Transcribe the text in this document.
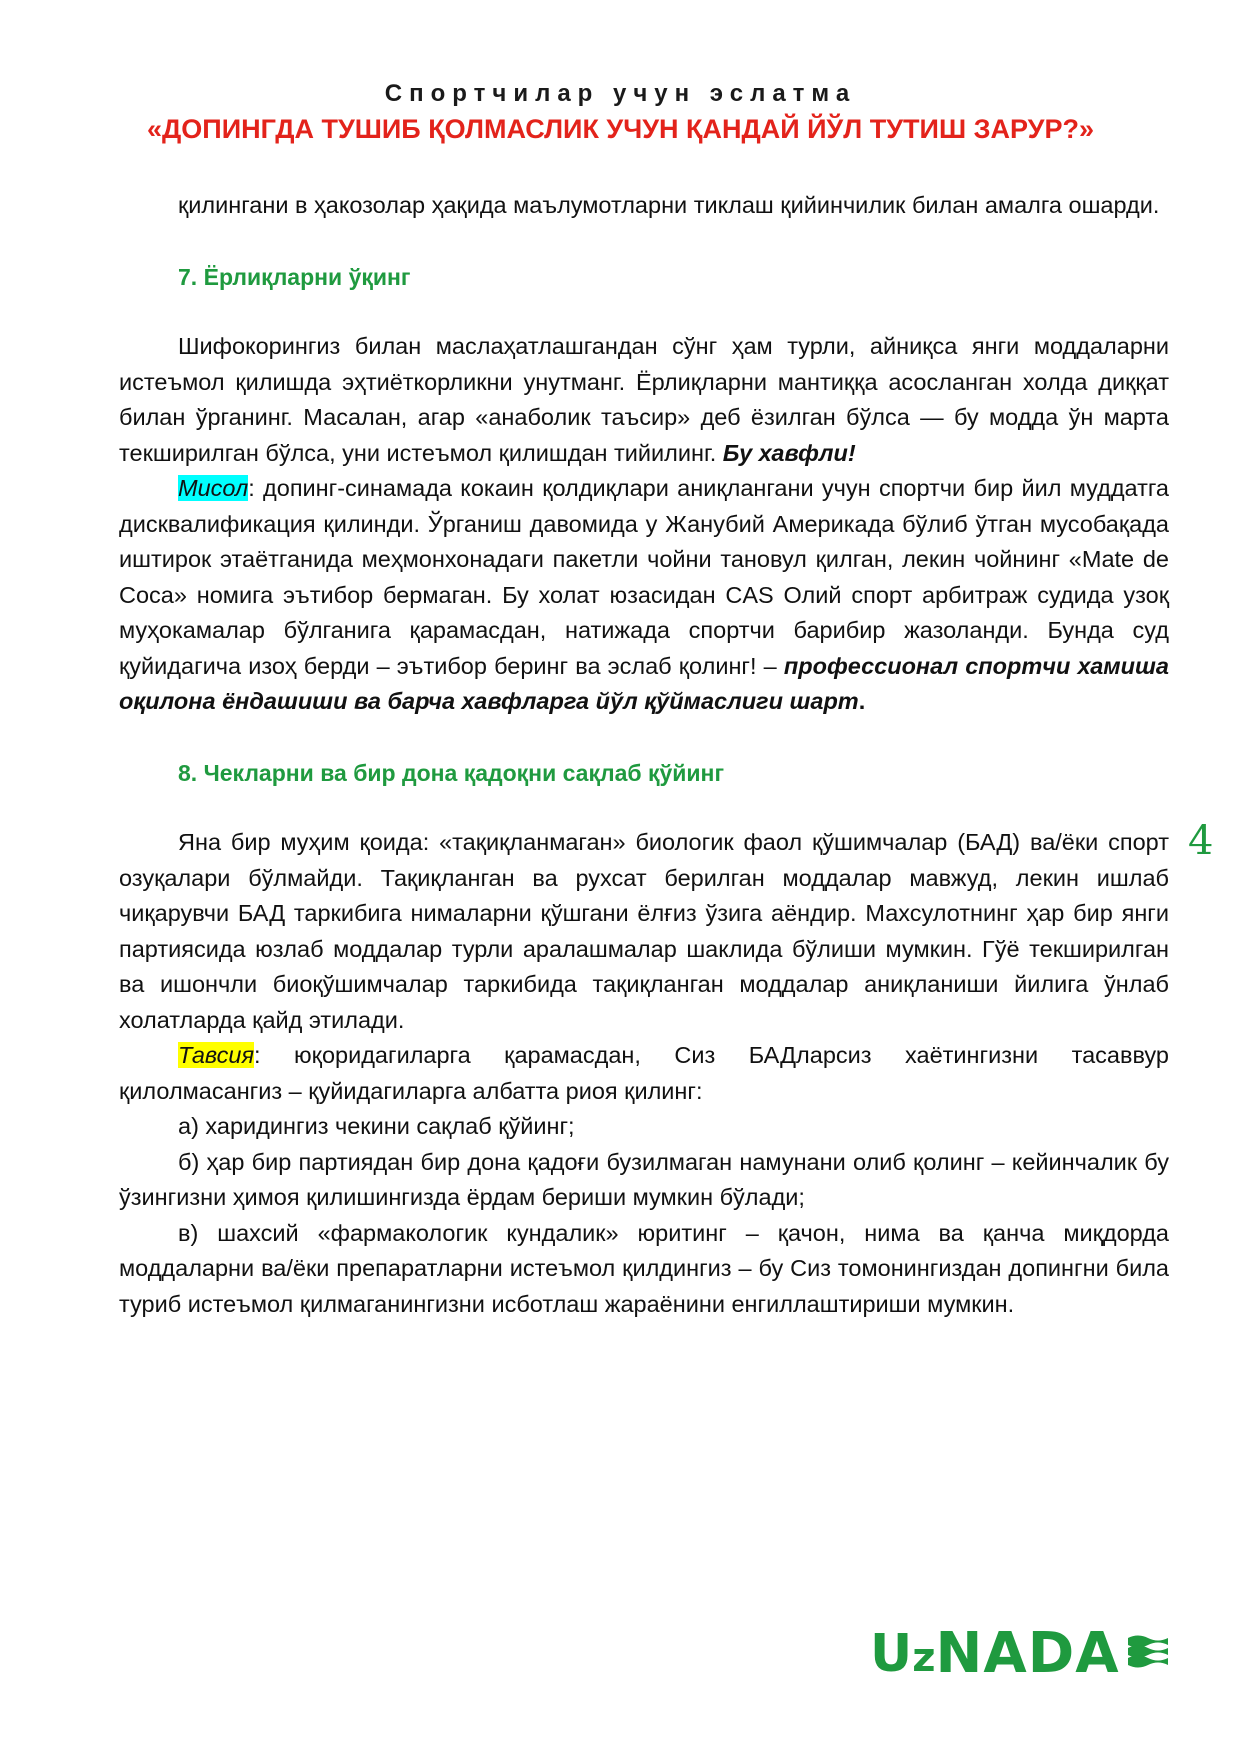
Спортчилар учун эслатма
«ДОПИНГДА ТУШИБ ҚОЛМАСЛИК УЧУН ҚАНДАЙ ЙЎЛ ТУТИШ ЗАРУР?»

қилингани в ҳакозолар ҳақида маълумотларни тиклаш қийинчилик билан амалга ошарди.

7. Ёрлиқларни ўқинг

Шифокорингиз билан маслаҳатлашгандан сўнг ҳам турли, айниқса янги моддаларни истеъмол қилишда эҳтиёткорликни унутманг. Ёрлиқларни мантиққа асосланган холда диққат билан ўрганинг. Масалан, агар «анаболик таъсир» деб ёзилган бўлса — бу модда ўн марта текширилган бўлса, уни истеъмол қилишдан тийилинг. Бу хавфли!

Мисол: допинг-синамада кокаин қолдиқлари аниқлангани учун спортчи бир йил муддатга дисквалификация қилинди. Ўрганиш давомида у Жанубий Америкада бўлиб ўтган мусобақада иштирок этаётганида меҳмонхонадаги пакетли чойни тановул қилган, лекин чойнинг «Mate de Coca» номига эътибор бермаган. Бу холат юзасидан CAS Олий спорт арбитраж судида узоқ муҳокамалар бўлганига қарамасдан, натижада спортчи барибир жазоланди. Бунда суд қуйидагича изоҳ берди – эътибор беринг ва эслаб қолинг! – профессионал спортчи хамиша оқилона ёндашиши ва барча хавфларга йўл қўймаслиги шарт.

8. Чекларни ва бир дона қадоқни сақлаб қўйинг

Яна бир муҳим қоида: «тақиқланмаган» биологик фаол қўшимчалар (БАД) ва/ёки спорт озуқалари бўлмайди. Тақиқланган ва рухсат берилган моддалар мавжуд, лекин ишлаб чиқарувчи БАД таркибига нималарни қўшгани ёлғиз ўзига аёндир. Махсулотнинг ҳар бир янги партиясида юзлаб моддалар турли аралашмалар шаклида бўлиши мумкин. Гўё текширилган ва ишончли биоқўшимчалар таркибида тақиқланган моддалар аниқланиши йилига ўнлаб холатларда қайд этилади.

Тавсия: юқоридагиларга қарамасдан, Сиз БАДларсиз хаётингизни тасаввур қилолмасангиз – қуйидагиларга албатта риоя қилинг:

а) харидингиз чекини сақлаб қўйинг;

б) ҳар бир партиядан бир дона қадоғи бузилмаган намунани олиб қолинг – кейинчалик бу ўзингизни ҳимоя қилишингизда ёрдам бериши мумкин бўлади;

в) шахсий «фармакологик кундалик» юритинг – қачон, нима ва қанча миқдорда моддаларни ва/ёки препаратларни истеъмол қилдингиз – бу Сиз томонингиздан допингни била туриб истеъмол қилмаганингизни исботлаш жараёнини енгиллаштириши мумкин.

4
U z NADA
